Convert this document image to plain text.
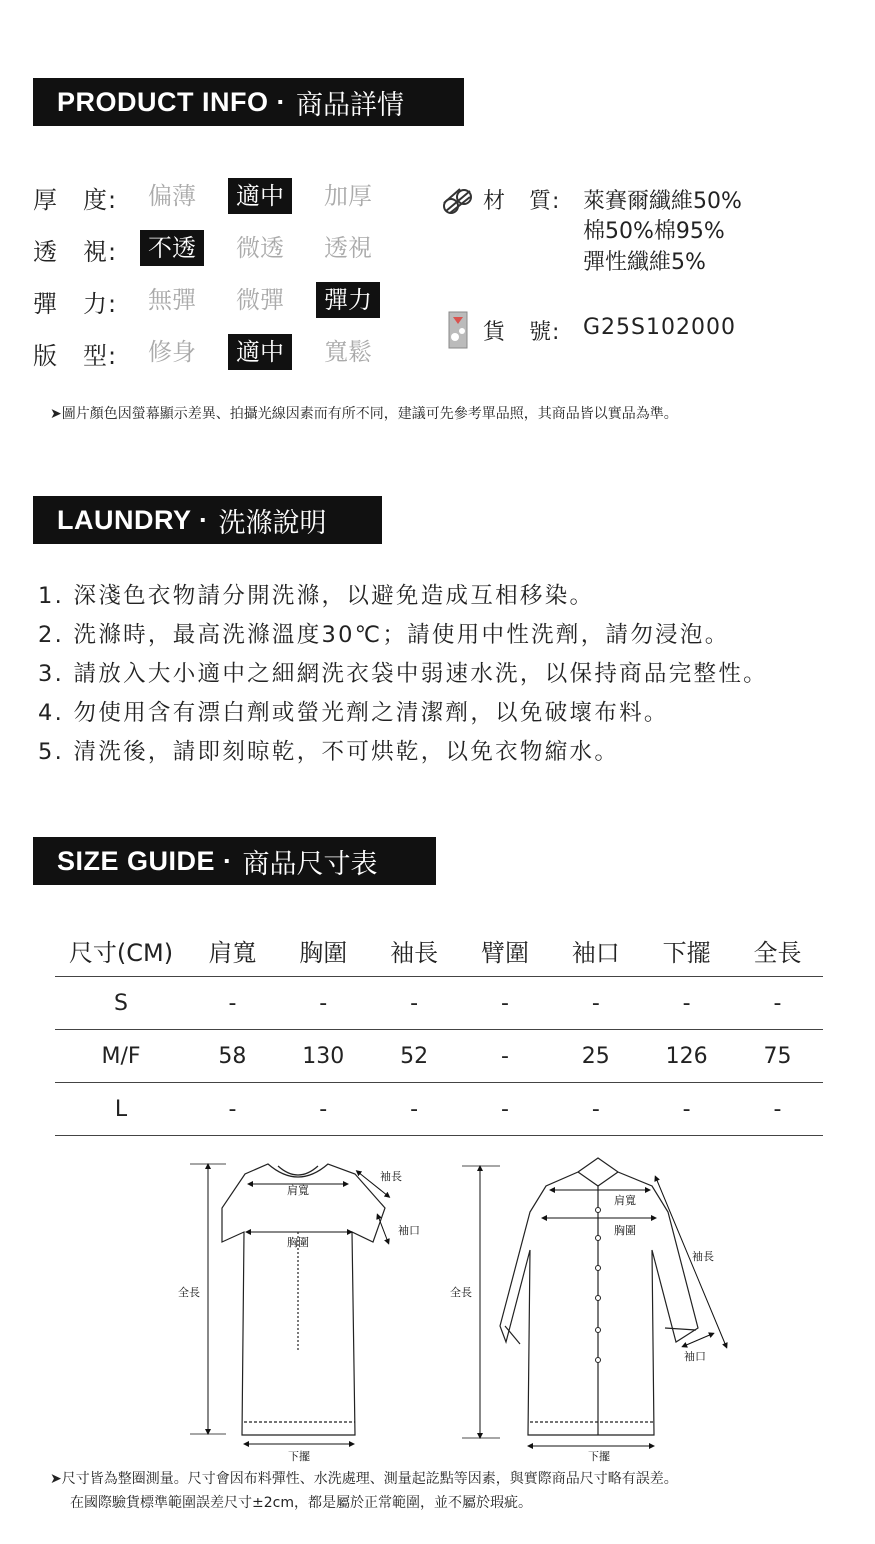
PRODUCT INFO · 商品詳情
厚　度:	偏薄	適中	加厚
透　視:	不透	微透	透視
彈　力:	無彈	微彈	彈力
版　型:	修身	適中	寬鬆
材　質: 萊賽爾纖維50%
棉50%棉95%
彈性纖維5%
貨　號: G25S102000
➤圖片顏色因螢幕顯示差異、拍攝光線因素而有所不同，建議可先參考單品照，其商品皆以實品為準。
LAUNDRY · 洗滌說明
1. 深淺色衣物請分開洗滌，以避免造成互相移染。
2. 洗滌時，最高洗滌溫度30℃；請使用中性洗劑，請勿浸泡。
3. 請放入大小適中之細網洗衣袋中弱速水洗，以保持商品完整性。
4. 勿使用含有漂白劑或螢光劑之清潔劑，以免破壞布料。
5. 清洗後，請即刻晾乾，不可烘乾，以免衣物縮水。
SIZE GUIDE · 商品尺寸表
尺寸(CM)	肩寬	胸圍	袖長	臂圍	袖口	下擺	全長
S	-	-	-	-	-	-	-
M/F	58	130	52	-	25	126	75
L	-	-	-	-	-	-	-
肩寬
胸圍
袖長
袖口
全長
下擺
肩寬
胸圍
袖長
袖口
全長
下擺
➤尺寸皆為整圈測量。尺寸會因布料彈性、水洗處理、測量起訖點等因素，與實際商品尺寸略有誤差。
在國際驗貨標準範圍誤差尺寸±2cm，都是屬於正常範圍，並不屬於瑕疵。
